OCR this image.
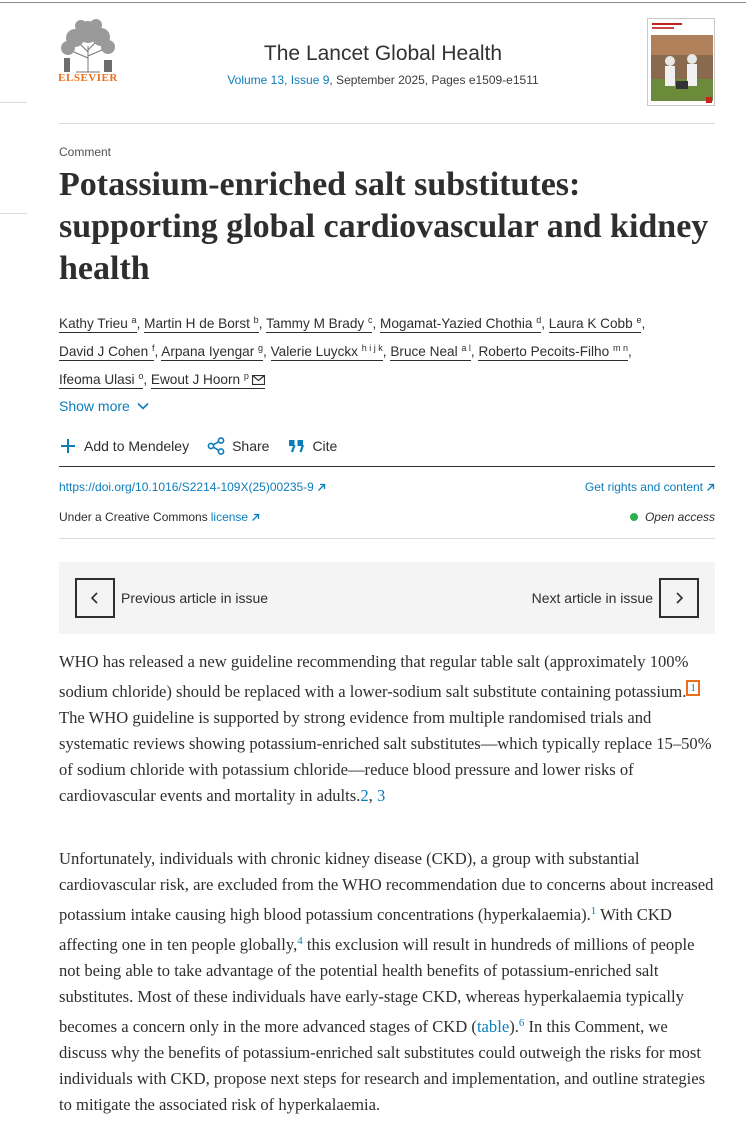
ELSEVIER
The Lancet Global Health
Volume 13, Issue 9, September 2025, Pages e1509-e1511
Comment
Potassium-enriched salt substitutes: supporting global cardiovascular and kidney health
Kathy Trieu $^a$, Martin H de Borst $^b$, Tammy M Brady $^c$, Mogamat-Yazied Chothia $^d$, Laura K Cobb $^e$,
David J Cohen $^f$, Arpana Iyengar $^g$, Valerie Luyckx $^{h i j k}$, Bruce Neal $^{a l}$, Roberto Pecoits-Filho $^{m n}$,
Ifeoma Ulasi $^o$, Ewout J Hoorn $^p$
Show more
Add to Mendeley	Share	Cite
https://doi.org/10.1016/S2214-109X(25)00235-9	Get rights and content
Under a Creative Commons license	Open access
Previous article in issue	Next article in issue

WHO has released a new guideline recommending that regular table salt (approximately 100% sodium chloride) should be replaced with a lower-sodium salt substitute containing potassium. $^1$ The WHO guideline is supported by strong evidence from multiple randomised trials and systematic reviews showing potassium-enriched salt substitutes—which typically replace 15–50% of sodium chloride with potassium chloride—reduce blood pressure and lower risks of cardiovascular events and mortality in adults.2, 3

Unfortunately, individuals with chronic kidney disease (CKD), a group with substantial cardiovascular risk, are excluded from the WHO recommendation due to concerns about increased potassium intake causing high blood potassium concentrations (hyperkalaemia).$^1$ With CKD affecting one in ten people globally,$^4$ this exclusion will result in hundreds of millions of people not being able to take advantage of the potential health benefits of potassium-enriched salt substitutes. Most of these individuals have early-stage CKD, whereas hyperkalaemia typically becomes a concern only in the more advanced stages of CKD (table).$^6$ In this Comment, we discuss why the benefits of potassium-enriched salt substitutes could outweigh the risks for most individuals with CKD, propose next steps for research and implementation, and outline strategies to mitigate the associated risk of hyperkalaemia.
